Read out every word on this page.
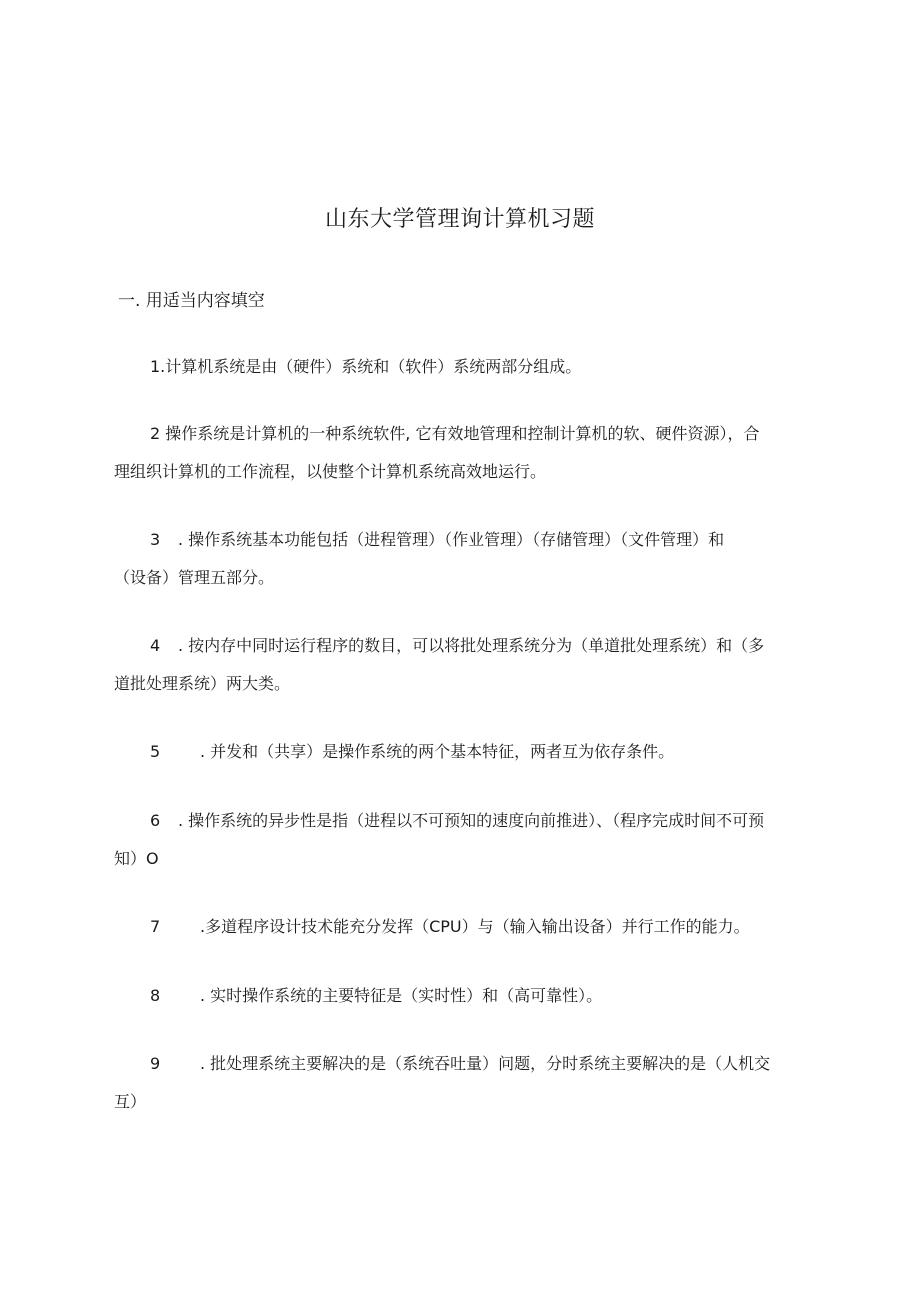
山东大学管理询计算机习题
一. 用适当内容填空
1.计算机系统是由（硬件）系统和（软件）系统两部分组成。
2 操作系统是计算机的一种系统软件, 它有效地管理和控制计算机的软、硬件资源），合
理组织计算机的工作流程，以使整个计算机系统高效地运行。
3 . 操作系统基本功能包括（进程管理）（作业管理）（存储管理）（文件管理）和
（设备）管理五部分。
4 . 按内存中同时运行程序的数目，可以将批处理系统分为（单道批处理系统）和（多
道批处理系统）两大类。
5 . 并发和（共享）是操作系统的两个基本特征，两者互为依存条件。
6 . 操作系统的异步性是指（进程以不可预知的速度向前推进）、（程序完成时间不可预
知）O
7 .多道程序设计技术能充分发挥（CPU）与（输入输出设备）并行工作的能力。
8 . 实时操作系统的主要特征是（实时性）和（高可靠性）。
9 . 批处理系统主要解决的是（系统吞吐量）问题，分时系统主要解决的是（人机交
互）
